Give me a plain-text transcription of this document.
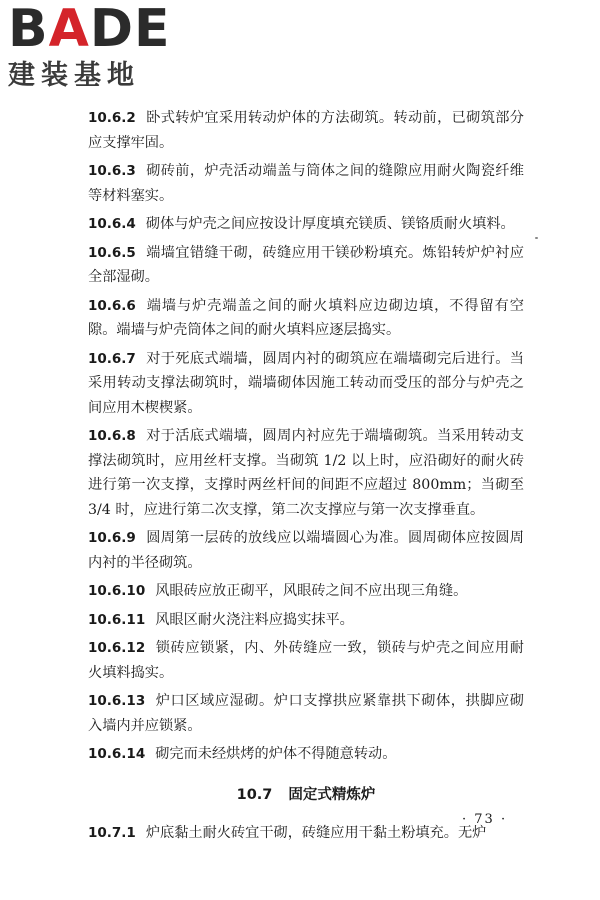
BADE
建装基地

10.6.2 卧式转炉宜采用转动炉体的方法砌筑。转动前，已砌筑部分应支撑牢固。

10.6.3 砌砖前，炉壳活动端盖与筒体之间的缝隙应用耐火陶瓷纤维等材料塞实。

10.6.4 砌体与炉壳之间应按设计厚度填充镁质、镁铬质耐火填料。

10.6.5 端墙宜错缝干砌，砖缝应用干镁砂粉填充。炼铅转炉炉衬应全部湿砌。

10.6.6 端墙与炉壳端盖之间的耐火填料应边砌边填，不得留有空隙。端墙与炉壳筒体之间的耐火填料应逐层捣实。

10.6.7 对于死底式端墙，圆周内衬的砌筑应在端墙砌完后进行。当采用转动支撑法砌筑时，端墙砌体因施工转动而受压的部分与炉壳之间应用木楔楔紧。

10.6.8 对于活底式端墙，圆周内衬应先于端墙砌筑。当采用转动支撑法砌筑时，应用丝杆支撑。当砌筑 1/2 以上时，应沿砌好的耐火砖进行第一次支撑，支撑时两丝杆间的间距不应超过 800mm；当砌至 3/4 时，应进行第二次支撑，第二次支撑应与第一次支撑垂直。

10.6.9 圆周第一层砖的放线应以端墙圆心为准。圆周砌体应按圆周内衬的半径砌筑。

10.6.10 风眼砖应放正砌平，风眼砖之间不应出现三角缝。

10.6.11 风眼区耐火浇注料应捣实抹平。

10.6.12 锁砖应锁紧，内、外砖缝应一致，锁砖与炉壳之间应用耐火填料捣实。

10.6.13 炉口区域应湿砌。炉口支撑拱应紧靠拱下砌体，拱脚应砌入墙内并应锁紧。

10.6.14 砌完而未经烘烤的炉体不得随意转动。

10.7 固定式精炼炉

10.7.1 炉底黏土耐火砖宜干砌，砖缝应用干黏土粉填充。无炉

· 73 ·
